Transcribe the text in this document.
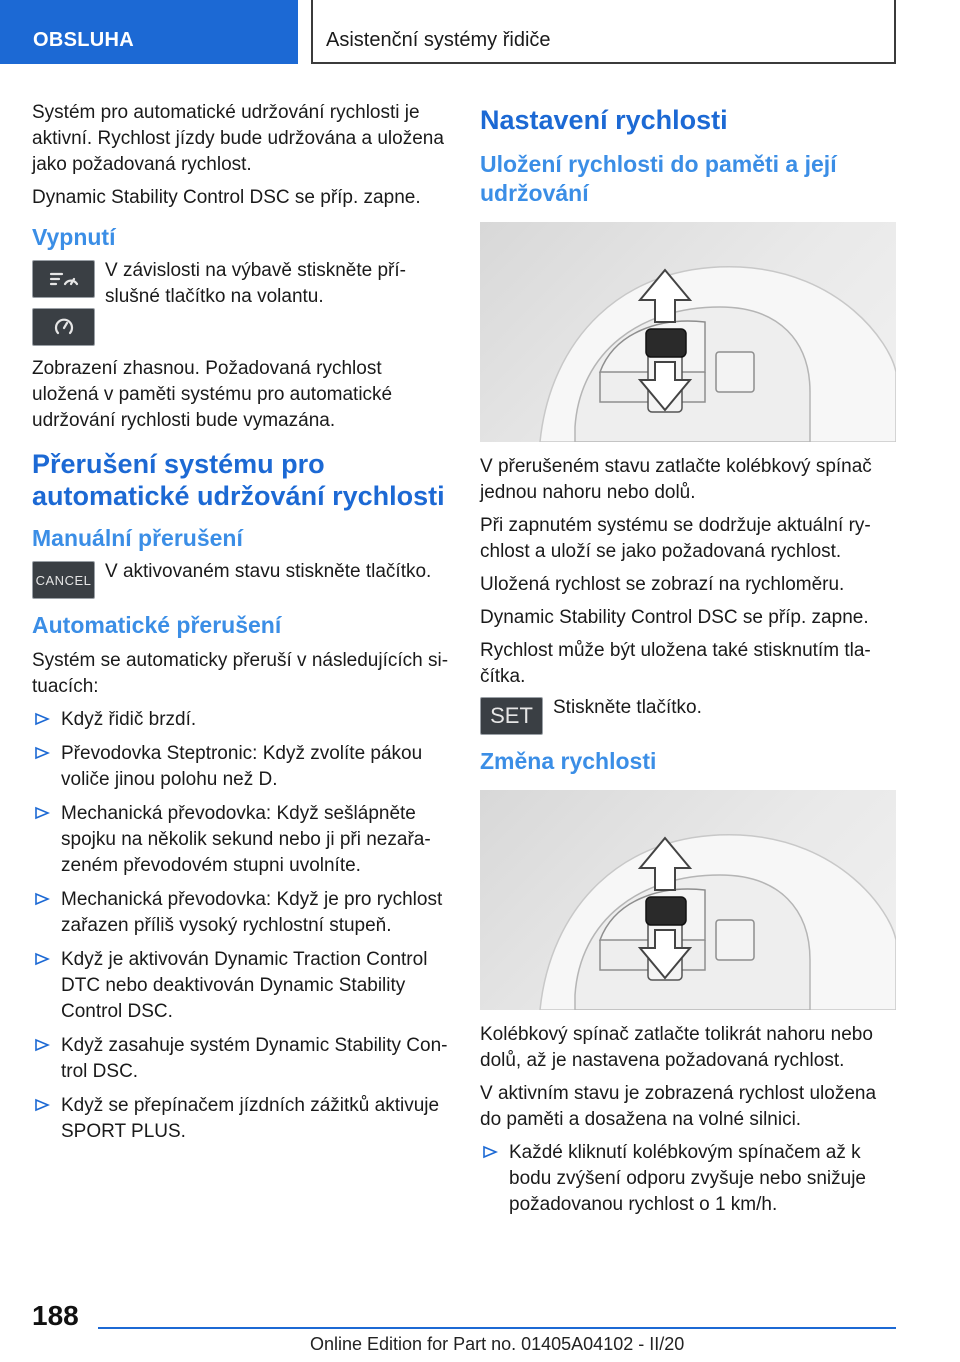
OBSLUHA	Asistenční systémy řidiče

Systém pro automatické udržování rychlosti je aktivní. Rychlost jízdy bude udržována a uložena jako požadovaná rychlost.

Dynamic Stability Control DSC se příp. zapne.

Vypnutí

V závislosti na výbavě stiskněte příslušné tlačítko na volantu.

Zobrazení zhasnou. Požadovaná rychlost uložená v paměti systému pro automatické udržování rychlosti bude vymazána.

Přerušení systému pro automatické udržování rychlosti
Manuální přerušení
CANCEL V aktivovaném stavu stiskněte tlačítko.

Automatické přerušení

Systém se automaticky přeruší v následujících situacích:

Když řidič brzdí.
Převodovka Steptronic: Když zvolíte pákou voliče jinou polohu než D.
Mechanická převodovka: Když sešlápněte spojku na několik sekund nebo ji při nezařazeném převodovém stupni uvolníte.
Mechanická převodovka: Když je pro rychlost zařazen příliš vysoký rychlostní stupeň.
Když je aktivován Dynamic Traction Control DTC nebo deaktivován Dynamic Stability Control DSC.
Když zasahuje systém Dynamic Stability Control DSC.
Když se přepínačem jízdních zážitků aktivuje SPORT PLUS.
Nastavení rychlosti
Uložení rychlosti do paměti a její udržování

V přerušeném stavu zatlačte kolébkový spínač jednou nahoru nebo dolů.

Při zapnutém systému se dodržuje aktuální rychlost a uloží se jako požadovaná rychlost.

Uložená rychlost se zobrazí na rychloměru.

Dynamic Stability Control DSC se příp. zapne.

Rychlost může být uložena také stisknutím tlačítka.

SET	Stiskněte tlačítko.

Změna rychlosti

Kolébkový spínač zatlačte tolikrát nahoru nebo dolů, až je nastavena požadovaná rychlost.

V aktivním stavu je zobrazená rychlost uložena do paměti a dosažena na volné silnici.

Každé kliknutí kolébkovým spínačem až k bodu zvýšení odporu zvyšuje nebo snižuje požadovanou rychlost o 1 km/h.
188
Online Edition for Part no. 01405A04102 - II/20
